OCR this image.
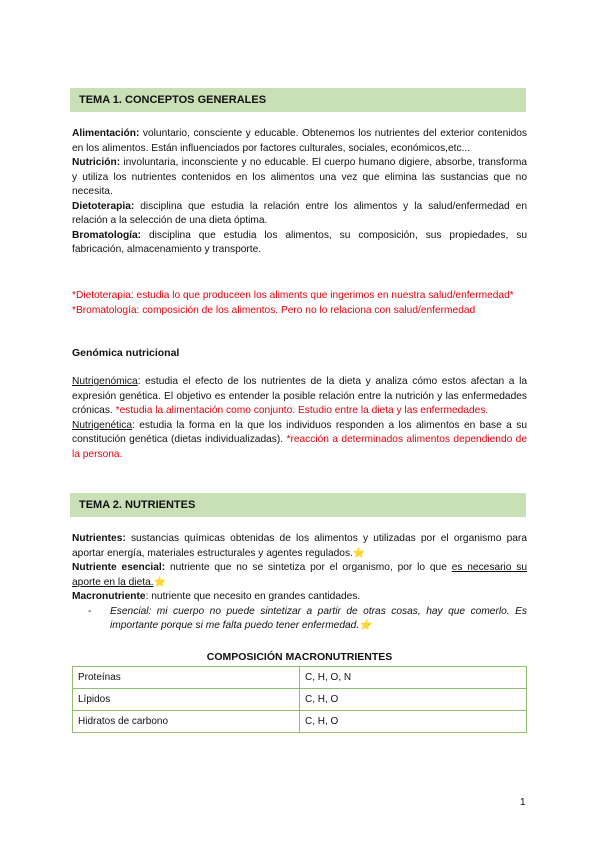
TEMA 1. CONCEPTOS GENERALES
Alimentación: voluntario, consciente y educable. Obtenemos los nutrientes del exterior contenidos en los alimentos. Están influenciados por factores culturales, sociales, económicos,etc...
Nutrición: involuntaria, inconsciente y no educable. El cuerpo humano digiere, absorbe, transforma y utiliza los nutrientes contenidos en los alimentos una vez que elimina las sustancias que no necesita.
Dietoterapia: disciplina que estudia la relación entre los alimentos y la salud/enfermedad en relación a la selección de una dieta óptima.
Bromatología: disciplina que estudia los alimentos, su composición, sus propiedades, su fabricación, almacenamiento y transporte.
*Dietoterapia: estudia lo que produceen los aliments que ingerimos en nuestra salud/enfermedad*
*Bromatología: composición de los alimentos. Pero no lo relaciona con salud/enfermedad
Genómica nutricional
Nutrigenómica: estudia el efecto de los nutrientes de la dieta y analiza cómo estos afectan a la expresión genética. El objetivo es entender la posible relación entre la nutrición y las enfermedades crónicas. *estudia la alimentación como conjunto. Estudio entre la dieta y las enfermedades.
Nutrigenética: estudia la forma en la que los individuos responden a los alimentos en base a su constitución genética (dietas individualizadas). *reacción a determinados alimentos dependiendo de la persona.
TEMA 2. NUTRIENTES
Nutrientes: sustancias químicas obtenidas de los alimentos y utilizadas por el organismo para aportar energía, materiales estructurales y agentes regulados.⭐
Nutriente esencial: nutriente que no se sintetiza por el organismo, por lo que es necesario su aporte en la dieta.⭐
Macronutriente: nutriente que necesito en grandes cantidades.
- Esencial: mi cuerpo no puede sintetizar a partir de otras cosas, hay que comerlo. Es importante porque si me falta puedo tener enfermedad.⭐
COMPOSICIÓN MACRONUTRIENTES
Proteínas	C, H, O, N
Lípidos	C, H, O
Hidratos de carbono	C, H, O
1
